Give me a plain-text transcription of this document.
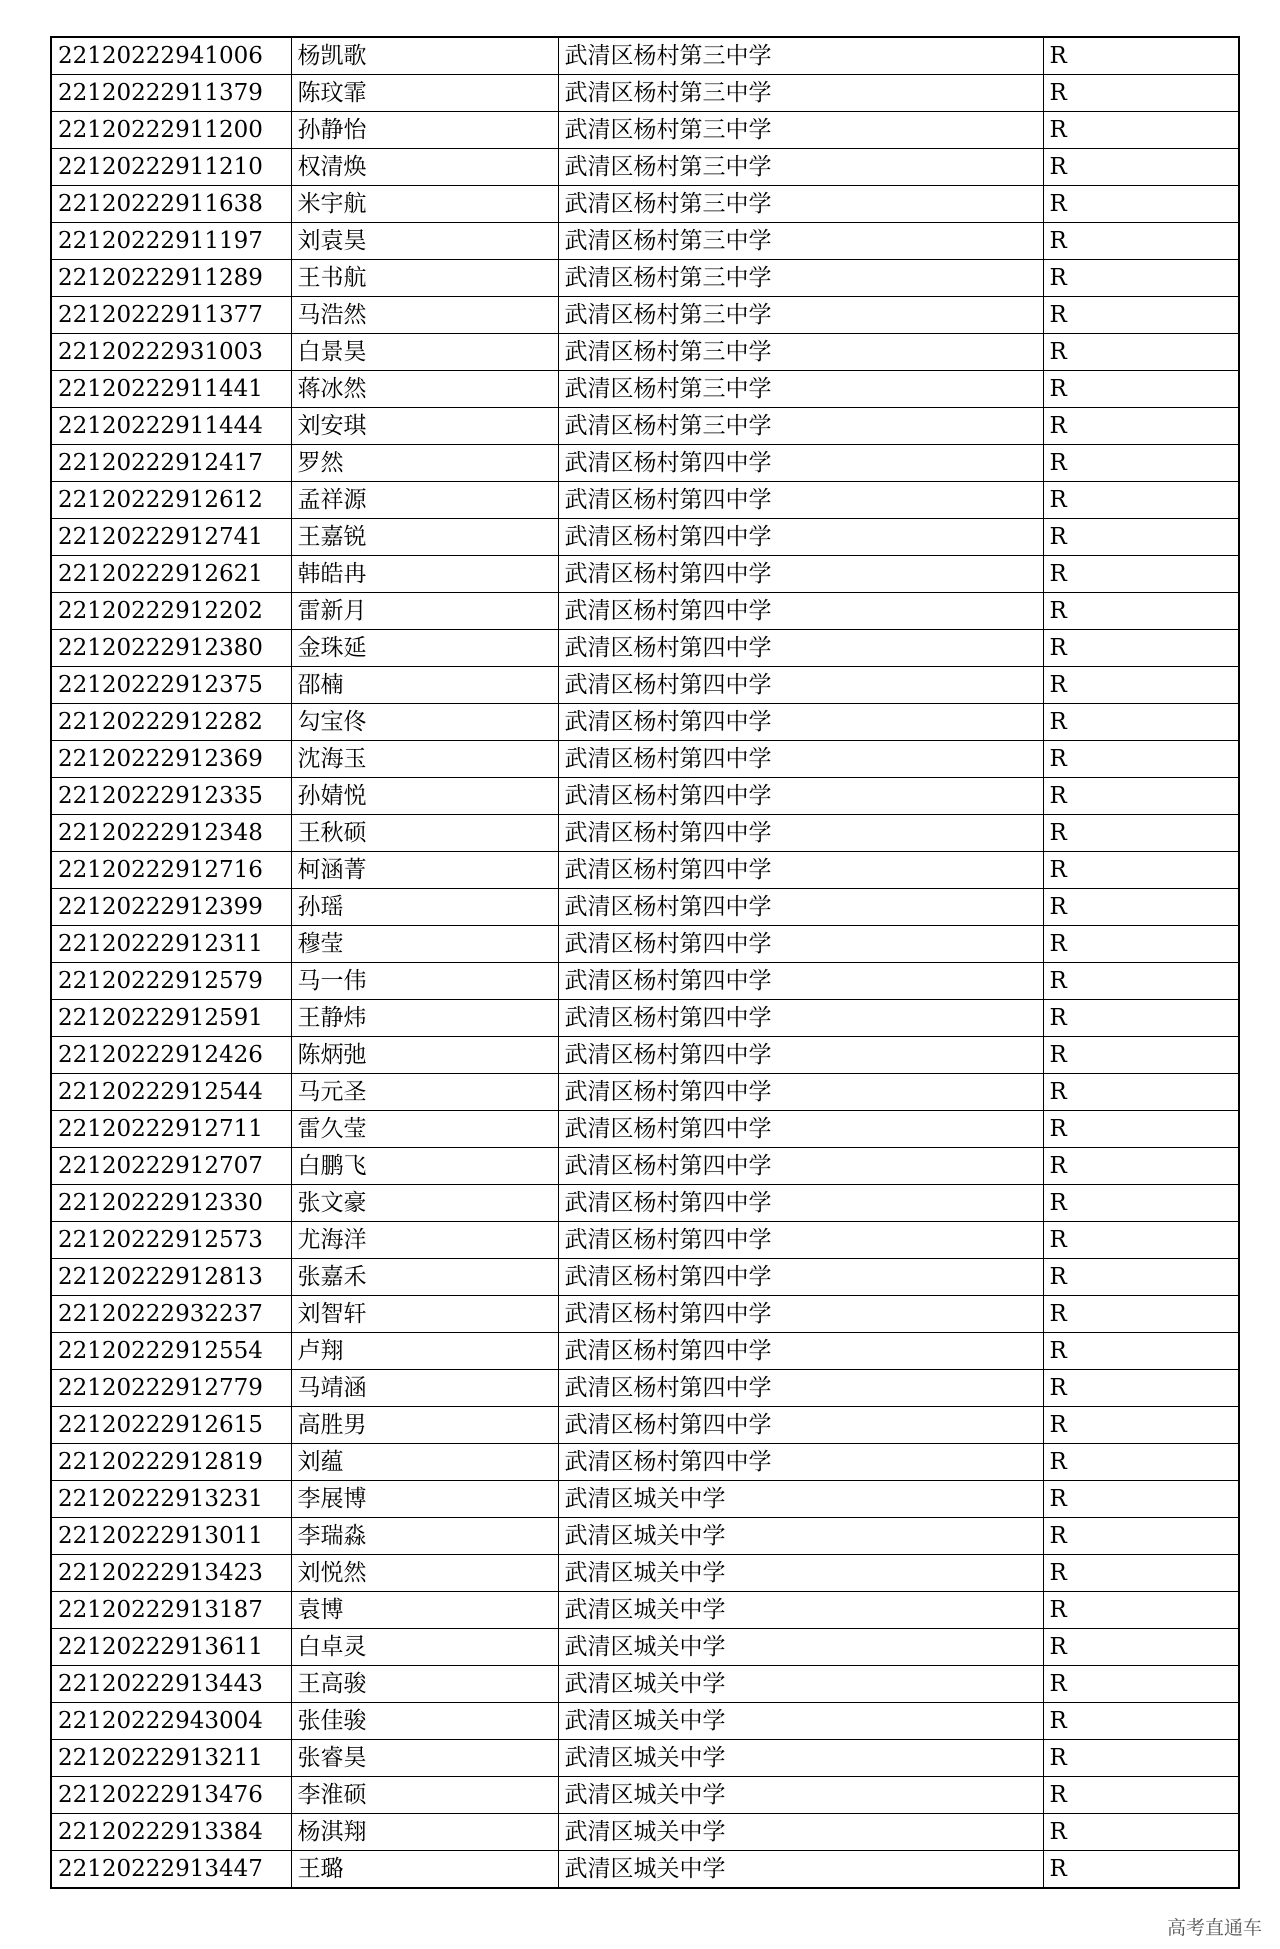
22120222941006	杨凯歌	武清区杨村第三中学	R
22120222911379	陈玟霏	武清区杨村第三中学	R
22120222911200	孙静怡	武清区杨村第三中学	R
22120222911210	权清焕	武清区杨村第三中学	R
22120222911638	米宇航	武清区杨村第三中学	R
22120222911197	刘袁昊	武清区杨村第三中学	R
22120222911289	王书航	武清区杨村第三中学	R
22120222911377	马浩然	武清区杨村第三中学	R
22120222931003	白景昊	武清区杨村第三中学	R
22120222911441	蒋冰然	武清区杨村第三中学	R
22120222911444	刘安琪	武清区杨村第三中学	R
22120222912417	罗然	武清区杨村第四中学	R
22120222912612	孟祥源	武清区杨村第四中学	R
22120222912741	王嘉锐	武清区杨村第四中学	R
22120222912621	韩皓冉	武清区杨村第四中学	R
22120222912202	雷新月	武清区杨村第四中学	R
22120222912380	金珠延	武清区杨村第四中学	R
22120222912375	邵楠	武清区杨村第四中学	R
22120222912282	勾宝佟	武清区杨村第四中学	R
22120222912369	沈海玉	武清区杨村第四中学	R
22120222912335	孙婧悦	武清区杨村第四中学	R
22120222912348	王秋硕	武清区杨村第四中学	R
22120222912716	柯涵菁	武清区杨村第四中学	R
22120222912399	孙瑶	武清区杨村第四中学	R
22120222912311	穆莹	武清区杨村第四中学	R
22120222912579	马一伟	武清区杨村第四中学	R
22120222912591	王静炜	武清区杨村第四中学	R
22120222912426	陈炳弛	武清区杨村第四中学	R
22120222912544	马元圣	武清区杨村第四中学	R
22120222912711	雷久莹	武清区杨村第四中学	R
22120222912707	白鹏飞	武清区杨村第四中学	R
22120222912330	张文豪	武清区杨村第四中学	R
22120222912573	尤海洋	武清区杨村第四中学	R
22120222912813	张嘉禾	武清区杨村第四中学	R
22120222932237	刘智轩	武清区杨村第四中学	R
22120222912554	卢翔	武清区杨村第四中学	R
22120222912779	马靖涵	武清区杨村第四中学	R
22120222912615	高胜男	武清区杨村第四中学	R
22120222912819	刘蕴	武清区杨村第四中学	R
22120222913231	李展博	武清区城关中学	R
22120222913011	李瑞淼	武清区城关中学	R
22120222913423	刘悦然	武清区城关中学	R
22120222913187	袁博	武清区城关中学	R
22120222913611	白卓灵	武清区城关中学	R
22120222913443	王高骏	武清区城关中学	R
22120222943004	张佳骏	武清区城关中学	R
22120222913211	张睿昊	武清区城关中学	R
22120222913476	李淮硕	武清区城关中学	R
22120222913384	杨淇翔	武清区城关中学	R
22120222913447	王璐	武清区城关中学	R
高考直通车
